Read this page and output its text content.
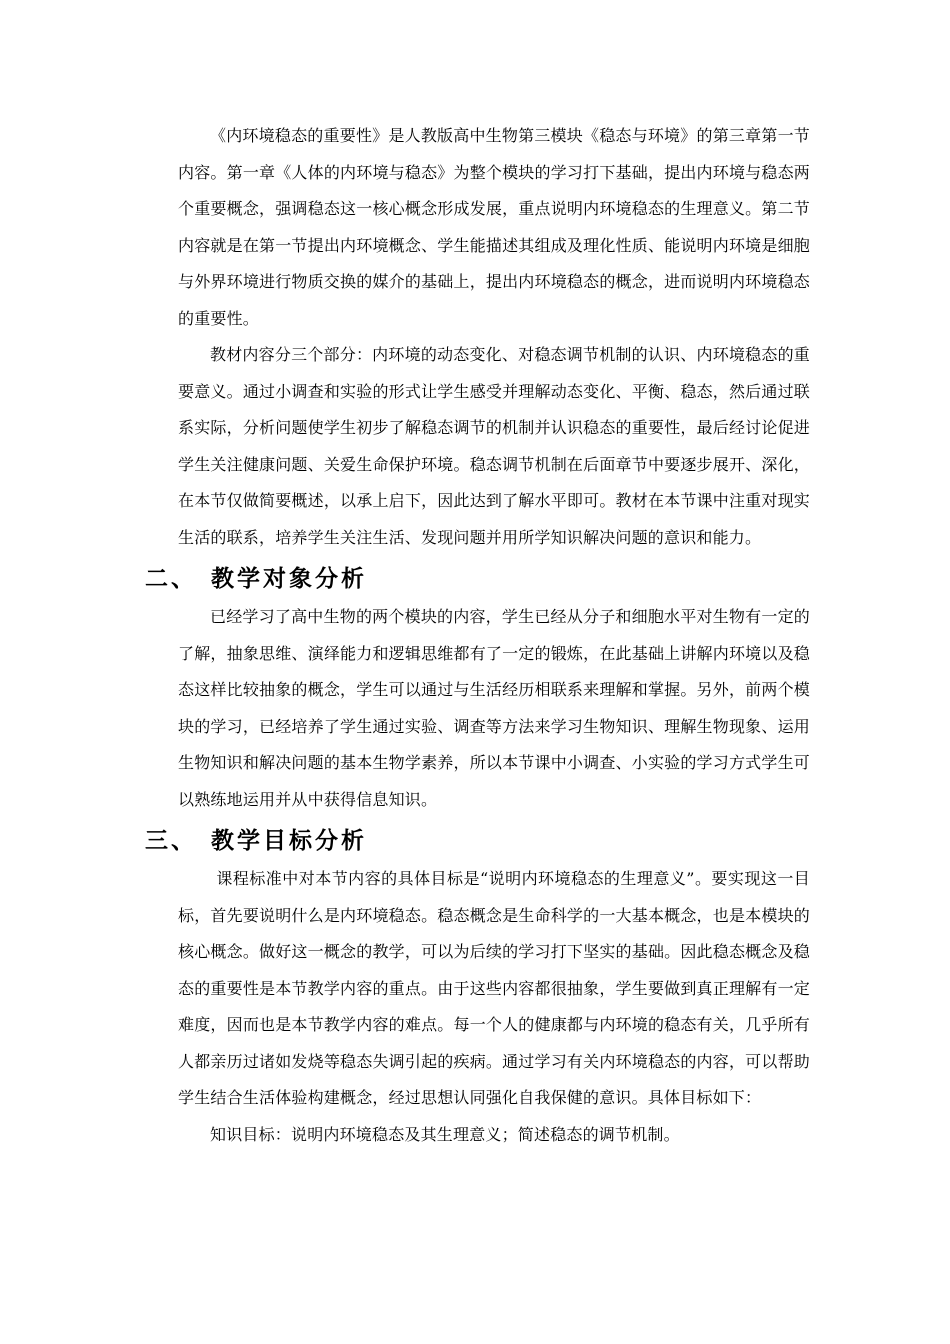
《内环境稳态的重要性》是人教版高中生物第三模块《稳态与环境》的第三章第一节内容。第一章《人体的内环境与稳态》为整个模块的学习打下基础，提出内环境与稳态两个重要概念，强调稳态这一核心概念形成发展，重点说明内环境稳态的生理意义。第二节内容就是在第一节提出内环境概念、学生能描述其组成及理化性质、能说明内环境是细胞与外界环境进行物质交换的媒介的基础上，提出内环境稳态的概念，进而说明内环境稳态的重要性。

教材内容分三个部分：内环境的动态变化、对稳态调节机制的认识、内环境稳态的重要意义。通过小调查和实验的形式让学生感受并理解动态变化、平衡、稳态，然后通过联系实际，分析问题使学生初步了解稳态调节的机制并认识稳态的重要性，最后经讨论促进学生关注健康问题、关爱生命保护环境。稳态调节机制在后面章节中要逐步展开、深化，在本节仅做简要概述，以承上启下，因此达到了解水平即可。教材在本节课中注重对现实生活的联系，培养学生关注生活、发现问题并用所学知识解决问题的意识和能力。

二、 教学对象分析

已经学习了高中生物的两个模块的内容，学生已经从分子和细胞水平对生物有一定的了解，抽象思维、演绎能力和逻辑思维都有了一定的锻炼，在此基础上讲解内环境以及稳态这样比较抽象的概念，学生可以通过与生活经历相联系来理解和掌握。另外，前两个模块的学习，已经培养了学生通过实验、调查等方法来学习生物知识、理解生物现象、运用生物知识和解决问题的基本生物学素养，所以本节课中小调查、小实验的学习方式学生可以熟练地运用并从中获得信息知识。

三、 教学目标分析

课程标准中对本节内容的具体目标是“说明内环境稳态的生理意义”。要实现这一目标，首先要说明什么是内环境稳态。稳态概念是生命科学的一大基本概念，也是本模块的核心概念。做好这一概念的教学，可以为后续的学习打下坚实的基础。因此稳态概念及稳态的重要性是本节教学内容的重点。由于这些内容都很抽象，学生要做到真正理解有一定难度，因而也是本节教学内容的难点。每一个人的健康都与内环境的稳态有关，几乎所有人都亲历过诸如发烧等稳态失调引起的疾病。通过学习有关内环境稳态的内容，可以帮助学生结合生活体验构建概念，经过思想认同强化自我保健的意识。具体目标如下：

知识目标：说明内环境稳态及其生理意义；简述稳态的调节机制。
